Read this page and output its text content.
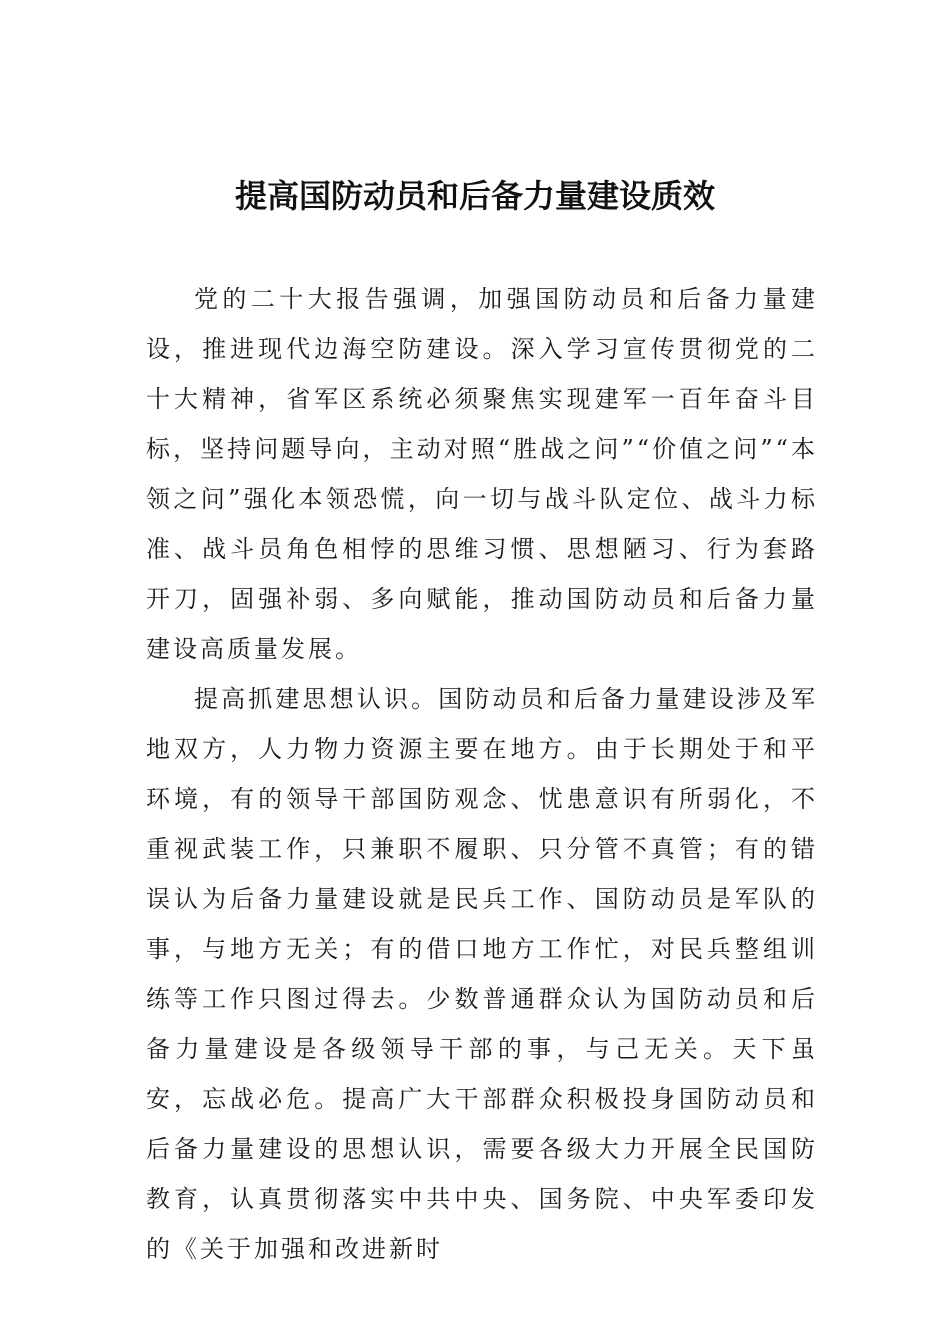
提高国防动员和后备力量建设质效

党的二十大报告强调，加强国防动员和后备力量建设，推进现代边海空防建设。深入学习宣传贯彻党的二十大精神，省军区系统必须聚焦实现建军一百年奋斗目标，坚持问题导向，主动对照“胜战之问”“价值之问”“本领之问”强化本领恐慌，向一切与战斗队定位、战斗力标准、战斗员角色相悖的思维习惯、思想陋习、行为套路开刀，固强补弱、多向赋能，推动国防动员和后备力量建设高质量发展。

提高抓建思想认识。国防动员和后备力量建设涉及军地双方，人力物力资源主要在地方。由于长期处于和平环境，有的领导干部国防观念、忧患意识有所弱化，不重视武装工作，只兼职不履职、只分管不真管；有的错误认为后备力量建设就是民兵工作、国防动员是军队的事，与地方无关；有的借口地方工作忙，对民兵整组训练等工作只图过得去。少数普通群众认为国防动员和后备力量建设是各级领导干部的事，与己无关。天下虽安，忘战必危。提高广大干部群众积极投身国防动员和后备力量建设的思想认识，需要各级大力开展全民国防教育，认真贯彻落实中共中央、国务院、中央军委印发的《关于加强和改进新时
